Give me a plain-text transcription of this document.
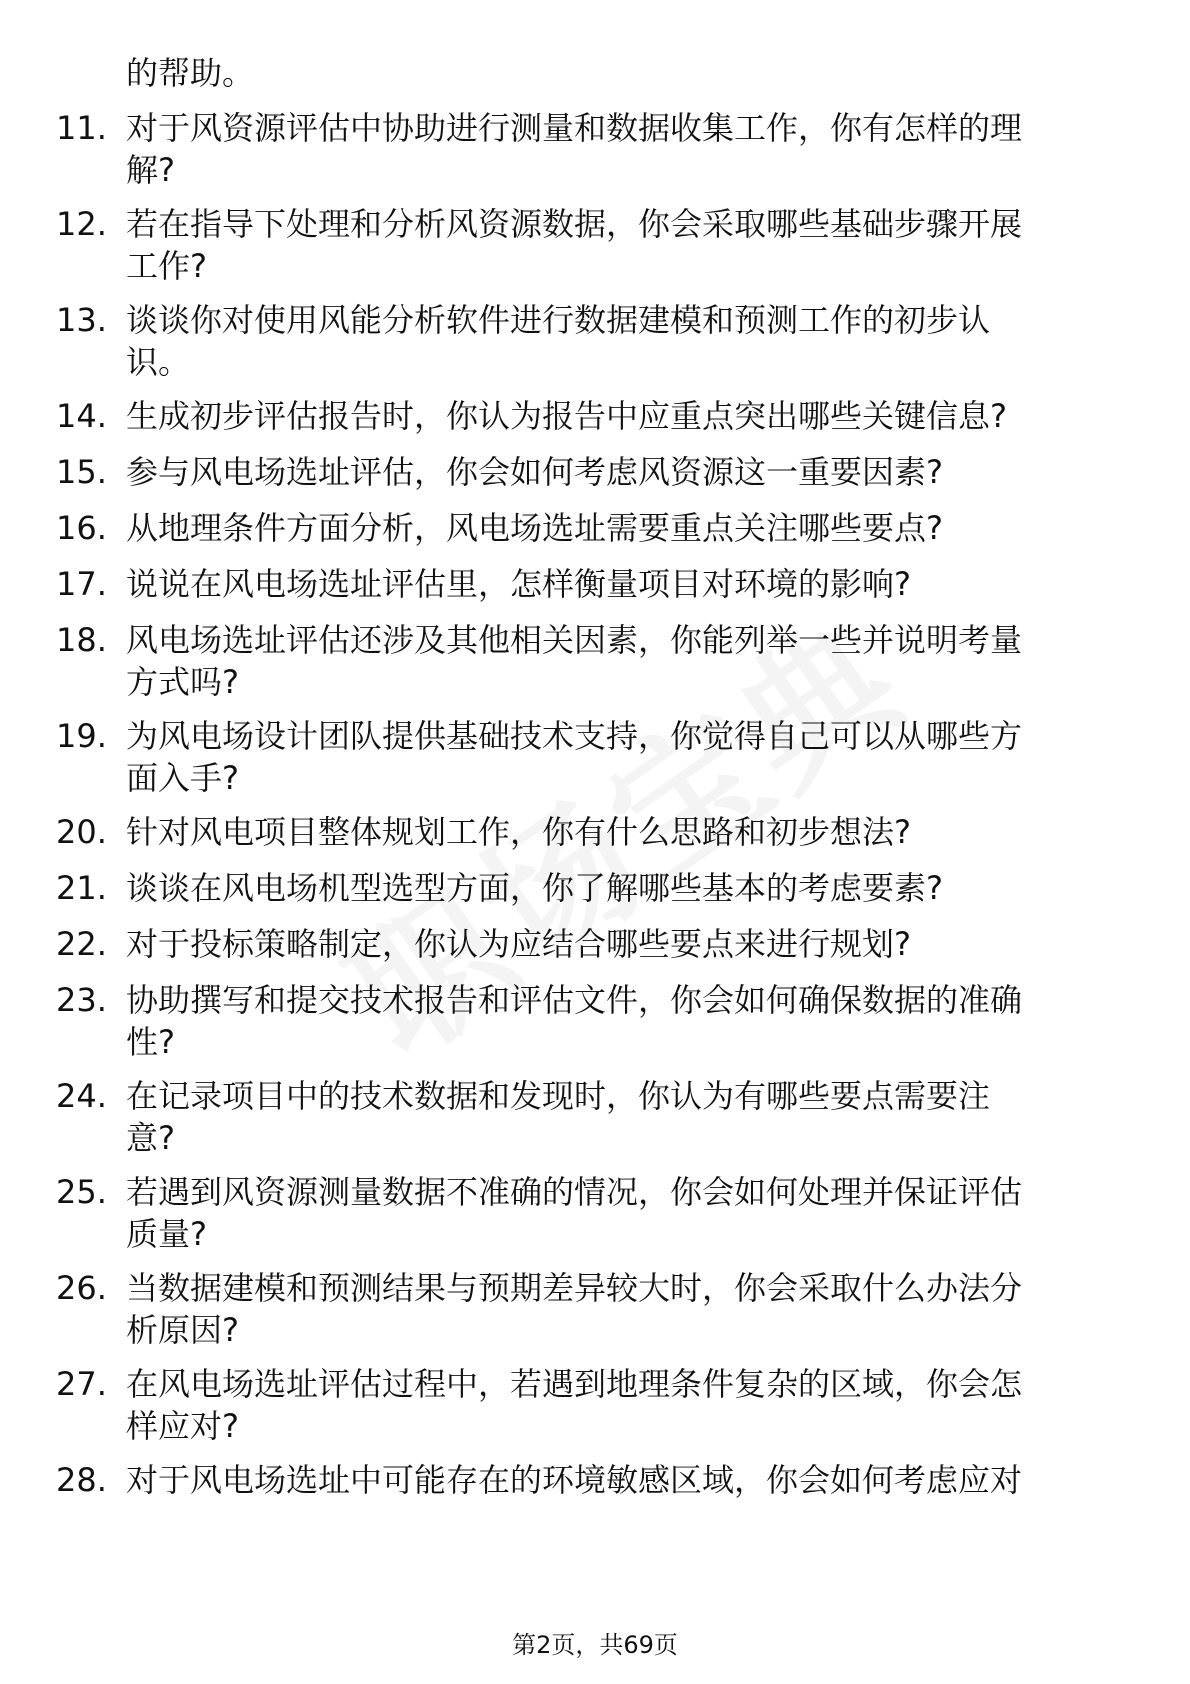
的帮助。
11. 对于风资源评估中协助进行测量和数据收集工作，你有怎样的理
解?
12. 若在指导下处理和分析风资源数据，你会采取哪些基础步骤开展
工作?
13. 谈谈你对使用风能分析软件进行数据建模和预测工作的初步认
识。
14. 生成初步评估报告时，你认为报告中应重点突出哪些关键信息?
15. 参与风电场选址评估，你会如何考虑风资源这一重要因素?
16. 从地理条件方面分析，风电场选址需要重点关注哪些要点?
17. 说说在风电场选址评估里，怎样衡量项目对环境的影响?
18. 风电场选址评估还涉及其他相关因素，你能列举一些并说明考量
方式吗?
19. 为风电场设计团队提供基础技术支持，你觉得自己可以从哪些方
面入手?
20. 针对风电项目整体规划工作，你有什么思路和初步想法?
21. 谈谈在风电场机型选型方面，你了解哪些基本的考虑要素?
22. 对于投标策略制定，你认为应结合哪些要点来进行规划?
23. 协助撰写和提交技术报告和评估文件，你会如何确保数据的准确
性?
24. 在记录项目中的技术数据和发现时，你认为有哪些要点需要注
意?
25. 若遇到风资源测量数据不准确的情况，你会如何处理并保证评估
质量?
26. 当数据建模和预测结果与预期差异较大时，你会采取什么办法分
析原因?
27. 在风电场选址评估过程中，若遇到地理条件复杂的区域，你会怎
样应对?
28. 对于风电场选址中可能存在的环境敏感区域，你会如何考虑应对
第2页，共69页
